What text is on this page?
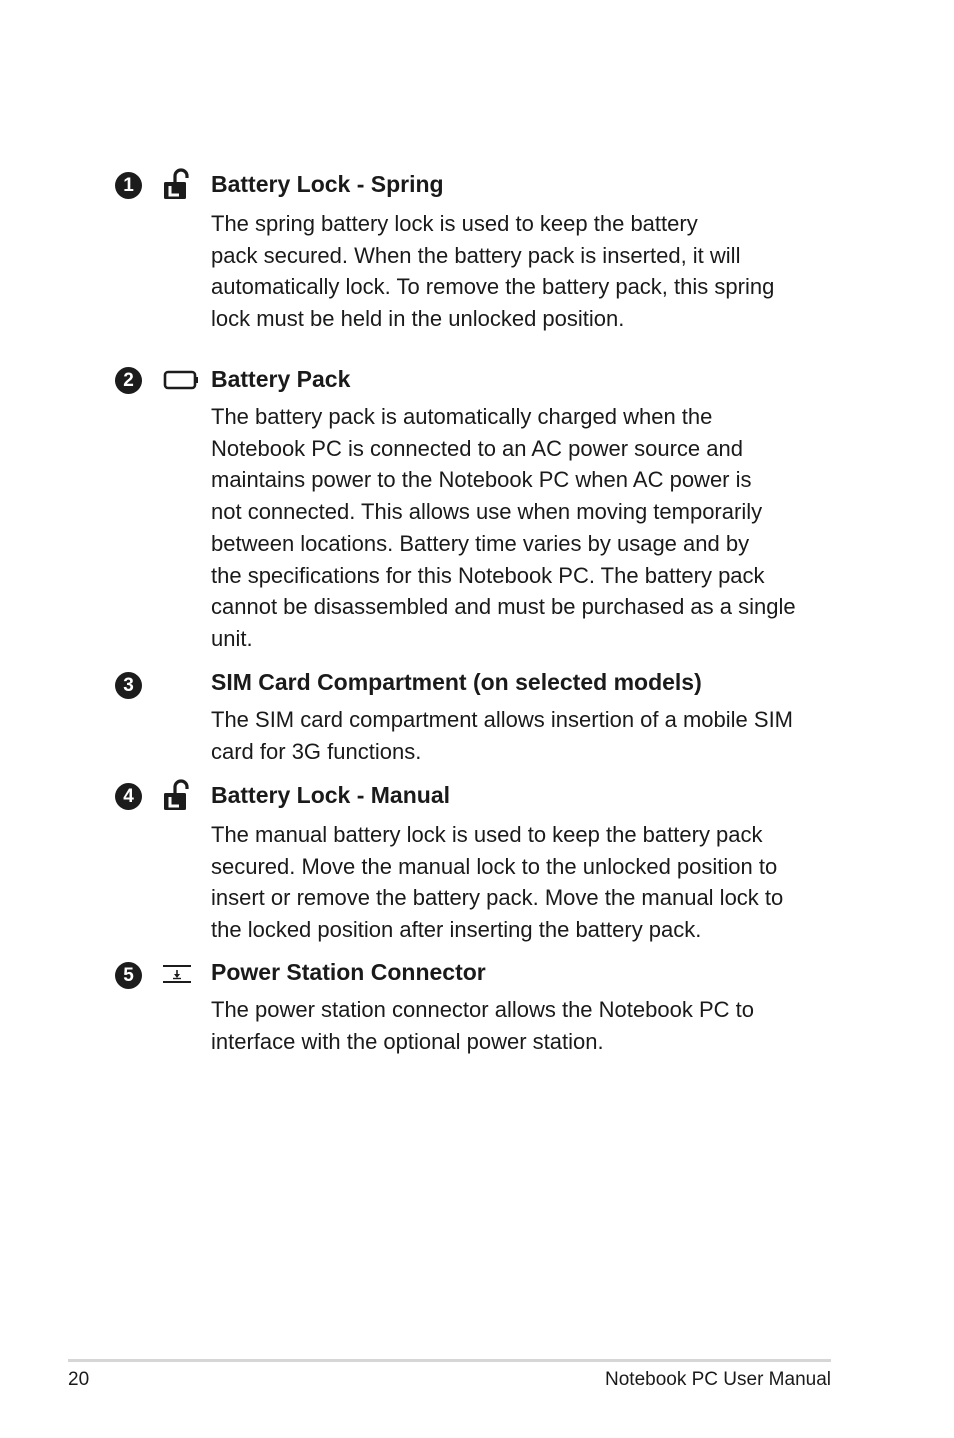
1	Battery Lock - Spring
The spring battery lock is used to keep the battery
pack secured. When the battery pack is inserted, it will
automatically lock. To remove the battery pack, this spring
lock must be held in the unlocked position.
2	Battery Pack
The battery pack is automatically charged when the
Notebook PC is connected to an AC power source and
maintains power to the Notebook PC when AC power is
not connected. This allows use when moving temporarily
between locations. Battery time varies by usage and by
the specifications for this Notebook PC. The battery pack
cannot be disassembled and must be purchased as a single
unit.
3	SIM Card Compartment (on selected models)
The SIM card compartment allows insertion of a mobile SIM
card for 3G functions.
4	Battery Lock - Manual
The manual battery lock is used to keep the battery pack
secured. Move the manual lock to the unlocked position to
insert or remove the battery pack. Move the manual lock to
the locked position after inserting the battery pack.
5	Power Station Connector
The power station connector allows the Notebook PC to
interface with the optional power station.
20	Notebook PC User Manual
